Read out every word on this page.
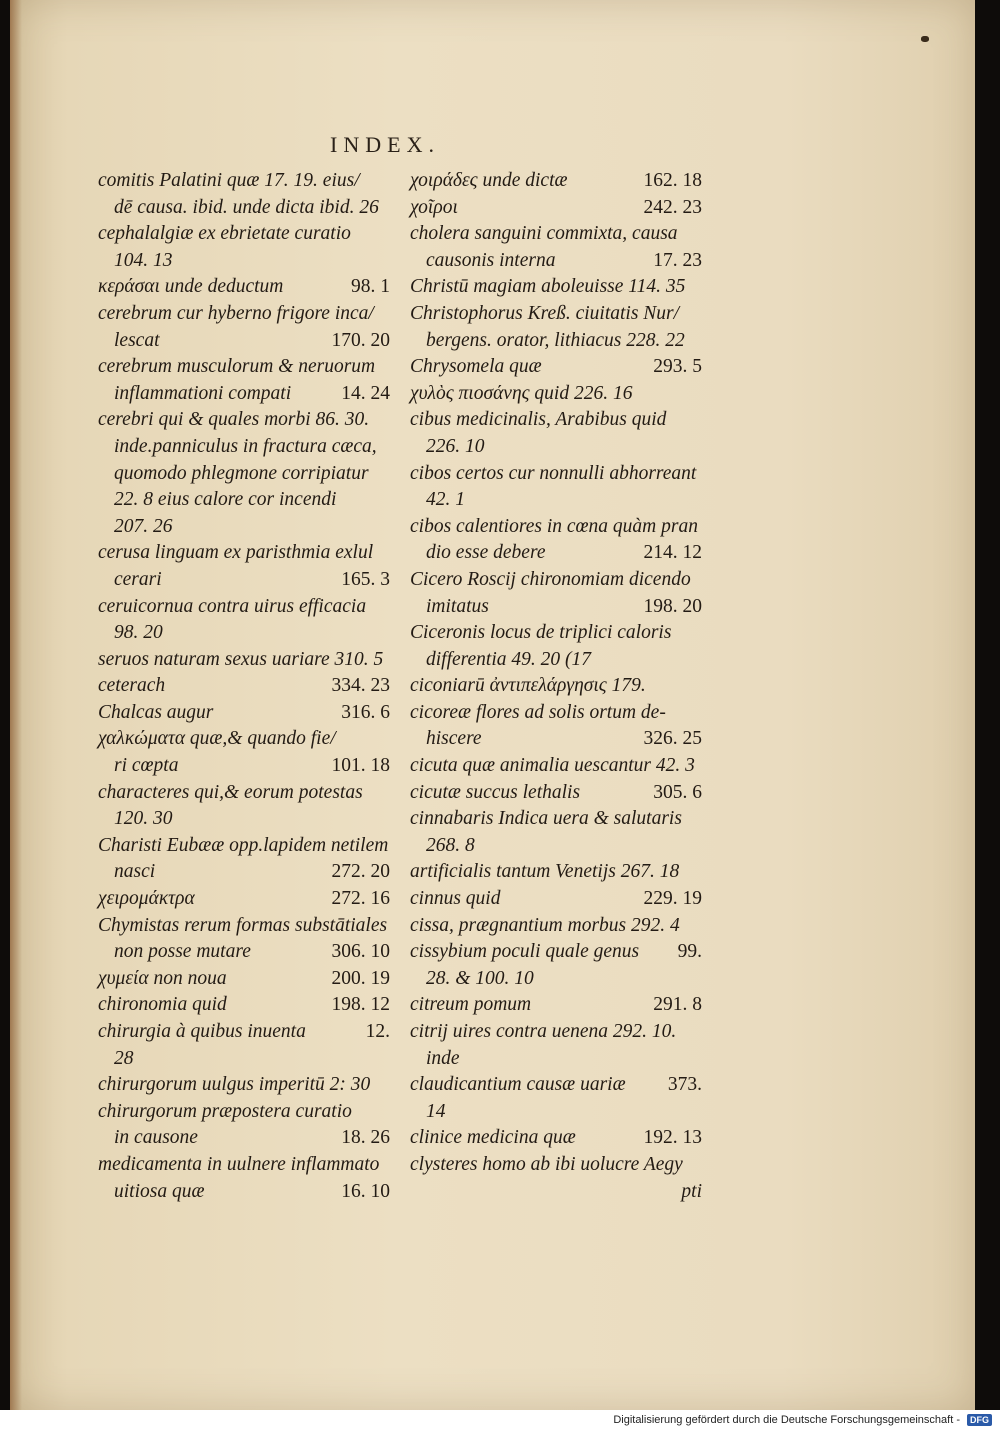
INDEX.
comitis Palatini quæ 17. 19. eius/
dē causa. ibid. unde dicta ibid. 26
cephalalgiæ ex ebrietate curatio
104. 13
κεράσαι unde deductum	98. 1
cerebrum cur hyberno frigore inca/
lescat	170. 20
cerebrum musculorum & neruorum
inflammationi compati	14. 24
cerebri qui & quales morbi 86. 30.
inde.panniculus in fractura cæca,
quomodo phlegmone corripiatur
22. 8 eius calore cor incendi
207. 26
cerusa linguam ex paristhmia exlul
cerari	165. 3
ceruicornua contra uirus efficacia
98. 20
seruos naturam sexus uariare 310. 5
ceterach	334. 23
Chalcas augur	316. 6
χαλκώματα quæ,& quando fie/
ri cœpta	101. 18
characteres qui,& eorum potestas
120. 30
Charisti Eubææ opp.lapidem netilem
nasci	272. 20
χειρομάκτρα	272. 16
Chymistas rerum formas substātiales
non posse mutare	306. 10
χυμεία non noua	200. 19
chironomia quid	198. 12
chirurgia à quibus inuenta	12.
28
chirurgorum uulgus imperitū 2: 30
chirurgorum præpostera curatio
in causone	18. 26
medicamenta in uulnere inflammato
uitiosa quæ	16. 10
χοιράδες unde dictæ	162. 18
χοῖροι	242. 23
cholera sanguini commixta, causa
causonis interna	17. 23
Christū magiam aboleuisse 114. 35
Christophorus Kreß. ciuitatis Nur/
bergens. orator, lithiacus 228. 22
Chrysomela quæ	293. 5
χυλὸς πιοσάνης quid 226. 16
cibus medicinalis, Arabibus quid
226. 10
cibos certos cur nonnulli abhorreant
42. 1
cibos calentiores in cœna quàm pran
dio esse debere	214. 12
Cicero Roscij chironomiam dicendo
imitatus	198. 20
Ciceronis locus de triplici caloris
differentia 49. 20 (17
ciconiarū ἀντιπελάργησις 179.
cicoreæ flores ad solis ortum de-
hiscere	326. 25
cicuta quæ animalia uescantur 42. 3
cicutæ succus lethalis	305. 6
cinnabaris Indica uera & salutaris
268. 8
artificialis tantum Venetijs 267. 18
cinnus quid	229. 19
cissa, prægnantium morbus 292. 4
cissybium poculi quale genus 99.
28. & 100. 10
citreum pomum	291. 8
citrij uires contra uenena 292. 10.
inde
claudicantium causæ uariæ 373.
14
clinice medicina quæ	192. 13
clysteres homo ab ibi uolucre Aegy
pti
Digitalisierung gefördert durch die Deutsche Forschungsgemeinschaft -	DFG
